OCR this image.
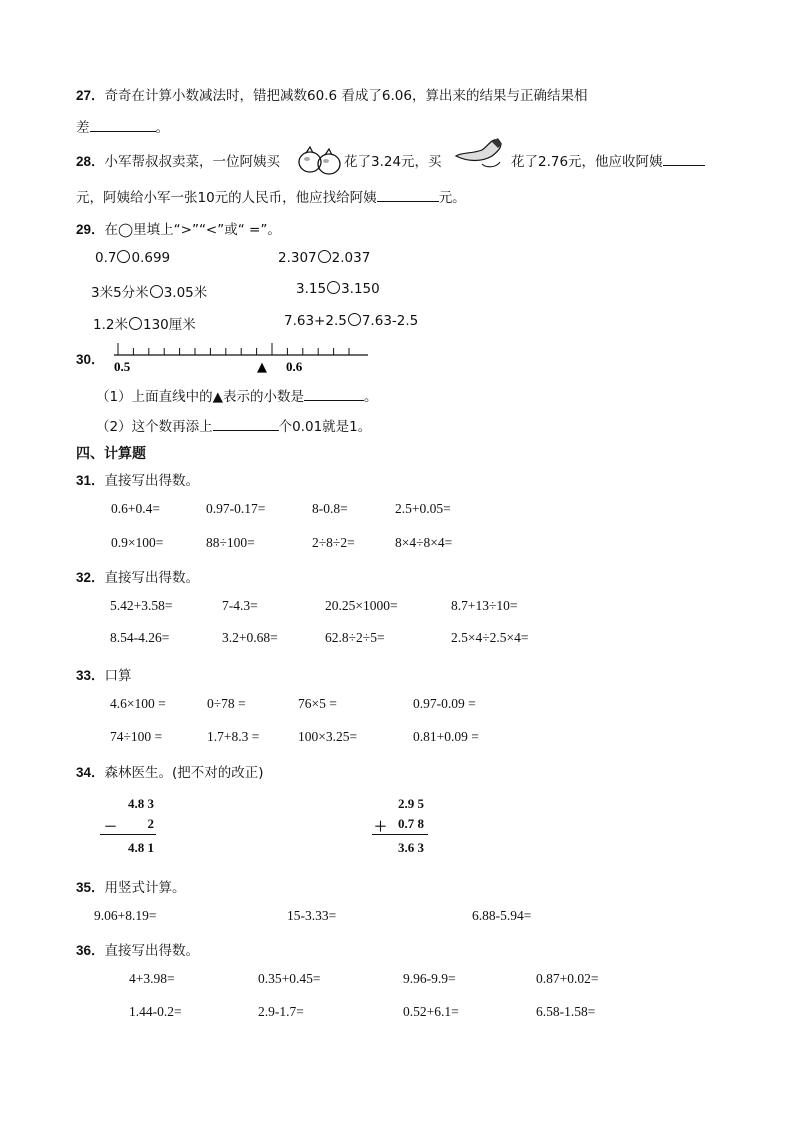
27．奇奇在计算小数减法时，错把减数60.6 看成了6.06，算出来的结果与正确结果相
差	。
28．小军帮叔叔卖菜，一位阿姨买	花了3.24元，买	花了2.76元，他应收阿姨
元，阿姨给小军一张10元的人民币，他应找给阿姨	元。
29．在◯里填上“>”“<”或“ =”。
0.7 0.699	2.307 2.037
3米5分米 3.05米	3.15 3.150
1.2米 130厘米	7.63+2.5 7.63-2.5
30． 0.5	0.6
▲
（1）上面直线中的▲表示的小数是	。
（2）这个数再添上	个0.01就是1。
四、计算题
31．直接写出得数。
0.6+0.4=	0.97-0.17=	8-0.8=	2.5+0.05=
0.9×100=	88÷100=	2÷8÷2=	8×4÷8×4=
32．直接写出得数。
5.42+3.58=	7-4.3=	20.25×1000=	8.7+13÷10=
8.54-4.26=	3.2+0.68=	62.8÷2÷5=	2.5×4÷2.5×4=
33．口算
4.6×100 =	0÷78 =	76×5 =	0.97-0.09 =
74÷100 =	1.7+8.3 =	100×3.25=	0.81+0.09 =
34．森林医生。(把不对的改正)
4.8 3
－ 2
4.8 1
2.9 5
＋ 0.7 8
3.6 3
35．用竖式计算。
9.06+8.19=	15-3.33=	6.88-5.94=
36．直接写出得数。
4+3.98=	0.35+0.45=	9.96-9.9=	0.87+0.02=
1.44-0.2=	2.9-1.7=	0.52+6.1=	6.58-1.58=
